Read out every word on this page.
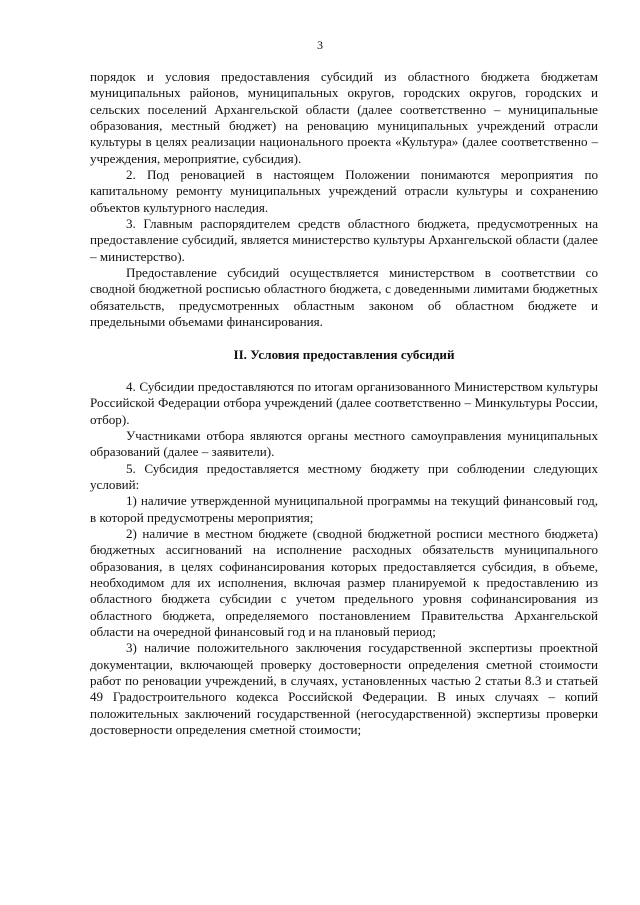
3

порядок и условия предоставления субсидий из областного бюджета бюджетам муниципальных районов, муниципальных округов, городских округов, городских и сельских поселений Архангельской области (далее соответственно – муниципальные образования, местный бюджет) на реновацию муниципальных учреждений отрасли культуры в целях реализации национального проекта «Культура» (далее соответственно – учреждения, мероприятие, субсидия).

2. Под реновацией в настоящем Положении понимаются мероприятия по капитальному ремонту муниципальных учреждений отрасли культуры и сохранению объектов культурного наследия.

3. Главным распорядителем средств областного бюджета, предусмотренных на предоставление субсидий, является министерство культуры Архангельской области (далее – министерство).

Предоставление субсидий осуществляется министерством в соответствии со сводной бюджетной росписью областного бюджета, с доведенными лимитами бюджетных обязательств, предусмотренных областным законом об областном бюджете и предельными объемами финансирования.

II. Условия предоставления субсидий

4. Субсидии предоставляются по итогам организованного Министерством культуры Российской Федерации отбора учреждений (далее соответственно – Минкультуры России, отбор).

Участниками отбора являются органы местного самоуправления муниципальных образований (далее – заявители).

5. Субсидия предоставляется местному бюджету при соблюдении следующих условий:

1) наличие утвержденной муниципальной программы на текущий финансовый год, в которой предусмотрены мероприятия;

2) наличие в местном бюджете (сводной бюджетной росписи местного бюджета) бюджетных ассигнований на исполнение расходных обязательств муниципального образования, в целях софинансирования которых предоставляется субсидия, в объеме, необходимом для их исполнения, включая размер планируемой к предоставлению из областного бюджета субсидии с учетом предельного уровня софинансирования из областного бюджета, определяемого постановлением Правительства Архангельской области на очередной финансовый год и на плановый период;

3) наличие положительного заключения государственной экспертизы проектной документации, включающей проверку достоверности определения сметной стоимости работ по реновации учреждений, в случаях, установленных частью 2 статьи 8.3 и статьей 49 Градостроительного кодекса Российской Федерации. В иных случаях – копий положительных заключений государственной (негосударственной) экспертизы проверки достоверности определения сметной стоимости;
